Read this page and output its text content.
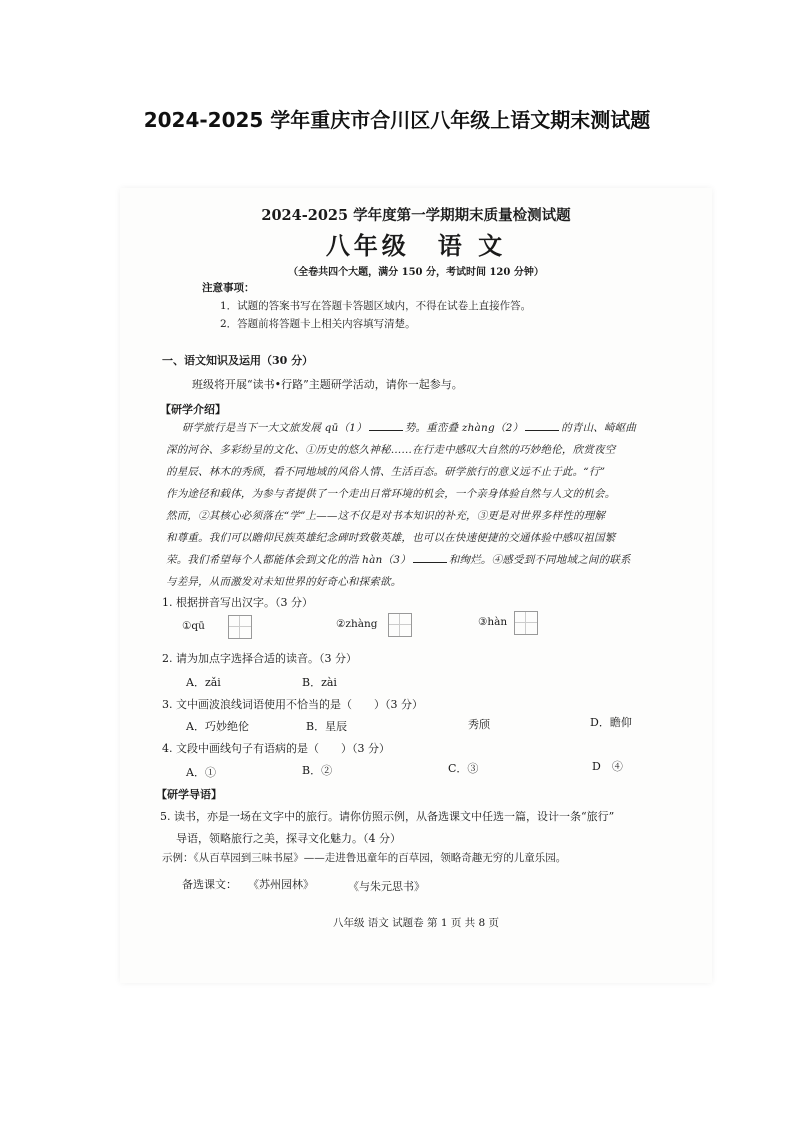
2024-2025 学年重庆市合川区八年级上语文期末测试题
2024-2025 学年度第一学期期末质量检测试题
八年级　语 文
（全卷共四个大题，满分 150 分，考试时间 120 分钟）
注意事项：
1．试题的答案书写在答题卡答题区域内，不得在试卷上直接作答。
2．答题前将答题卡上相关内容填写清楚。
一、语文知识及运用（30 分）
班级将开展“读书•行路”主题研学活动，请你一起参与。
【研学介绍】
研学旅行是当下一大文旅发展 qū（1）	势。重峦叠 zhàng（2）	的青山、崎岖曲
深的河谷、多彩纷呈的文化、①历史的悠久神秘……在行走中感叹大自然的巧妙绝伦，欣赏夜空
的星辰、林木的秀颀，看不同地域的风俗人情、生活百态。研学旅行的意义远不止于此。“行”
作为途径和载体，为参与者提供了一个走出日常环境的机会，一个亲身体验自然与人文的机会。
然而，②其核心必须落在“学”上——这不仅是对书本知识的补充，③更是对世界多样性的理解
和尊重。我们可以瞻仰民族英雄纪念碑时致敬英雄，也可以在快速便捷的交通体验中感叹祖国繁
荣。我们希望每个人都能体会到文化的浩 hàn（3）	和绚烂。④感受到不同地域之间的联系
与差异，从而激发对未知世界的好奇心和探索欲。
1. 根据拼音写出汉字。（3 分）
①qū	②zhàng	③hàn
2. 请为加点字选择合适的读音。（3 分）
A．zǎi	B．zài
3. 文中画波浪线词语使用不恰当的是（　　）（3 分）
A．巧妙绝伦	B．星辰	秀颀	D．瞻仰
4. 文段中画线句子有语病的是（　　）（3 分）
A．①	B．②	C．③	D　④
【研学导语】
5. 读书，亦是一场在文字中的旅行。请你仿照示例，从备选课文中任选一篇，设计一条“旅行”
导语，领略旅行之美，探寻文化魅力。（4 分）
示例：《从百草园到三味书屋》——走进鲁迅童年的百草园，领略奇趣无穷的儿童乐园。
备选课文： 《苏州园林》	《与朱元思书》
八年级 语文 试题卷 第 1 页 共 8 页
